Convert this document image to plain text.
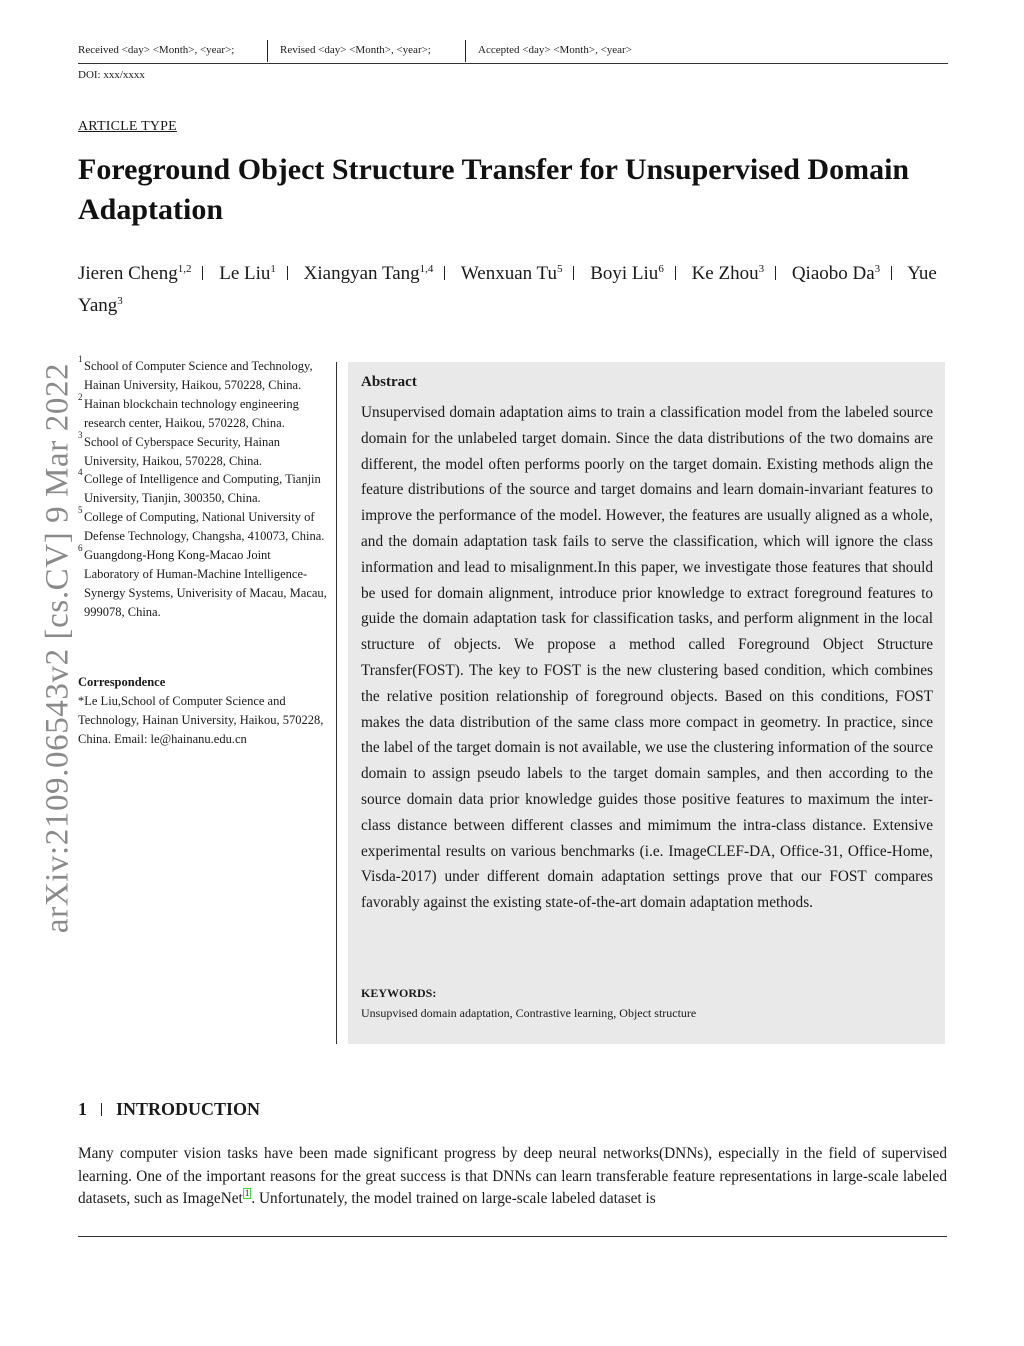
Received <day> <Month>, <year>;	Revised <day> <Month>, <year>;	Accepted <day> <Month>, <year>
DOI: xxx/xxxx
ARTICLE TYPE
Foreground Object Structure Transfer for Unsupervised Domain Adaptation
Jieren Cheng$^{1,2}$ Le Liu$^1$ Xiangyan Tang$^{1,4}$ Wenxuan Tu$^5$ Boyi Liu$^6$ Ke Zhou$^3$ Qiaobo Da$^3$ Yue Yang$^3$
arXiv:2109.06543v2 [cs.CV] 9 Mar 2022
1 School of Computer Science and Technology, Hainan University, Haikou, 570228, China.
2 Hainan blockchain technology engineering research center, Haikou, 570228, China.
3 School of Cyberspace Security, Hainan University, Haikou, 570228, China.
4 College of Intelligence and Computing, Tianjin University, Tianjin, 300350, China.
5 College of Computing, National University of Defense Technology, Changsha, 410073, China.
6 Guangdong-Hong Kong-Macao Joint Laboratory of Human-Machine Intelligence-Synergy Systems, Univerisity of Macau, Macau, 999078, China.
Correspondence
*Le Liu,School of Computer Science and Technology, Hainan University, Haikou, 570228, China. Email: le@hainanu.edu.cn
Abstract
Unsupervised domain adaptation aims to train a classification model from the labeled source domain for the unlabeled target domain. Since the data distributions of the two domains are different, the model often performs poorly on the target domain. Existing methods align the feature distributions of the source and target domains and learn domain-invariant features to improve the performance of the model. However, the features are usually aligned as a whole, and the domain adaptation task fails to serve the classification, which will ignore the class information and lead to misalignment.In this paper, we investigate those features that should be used for domain alignment, introduce prior knowledge to extract foreground features to guide the domain adaptation task for classification tasks, and perform alignment in the local structure of objects. We propose a method called Foreground Object Structure Transfer(FOST). The key to FOST is the new clustering based condition, which combines the relative position relationship of foreground objects. Based on this conditions, FOST makes the data distribution of the same class more compact in geometry. In practice, since the label of the target domain is not available, we use the clustering information of the source domain to assign pseudo labels to the target domain samples, and then according to the source domain data prior knowledge guides those positive features to maximum the inter-class distance between different classes and mimimum the intra-class distance. Extensive experimental results on various benchmarks (i.e. ImageCLEF-DA, Office-31, Office-Home, Visda-2017) under different domain adaptation settings prove that our FOST compares favorably against the existing state-of-the-art domain adaptation methods.
KEYWORDS:
Unsupvised domain adaptation, Contrastive learning, Object structure
1 INTRODUCTION
Many computer vision tasks have been made significant progress by deep neural networks(DNNs), especially in the field of supervised learning. One of the important reasons for the great success is that DNNs can learn transferable feature representations in large-scale labeled datasets, such as ImageNet 1 . Unfortunately, the model trained on large-scale labeled dataset is
